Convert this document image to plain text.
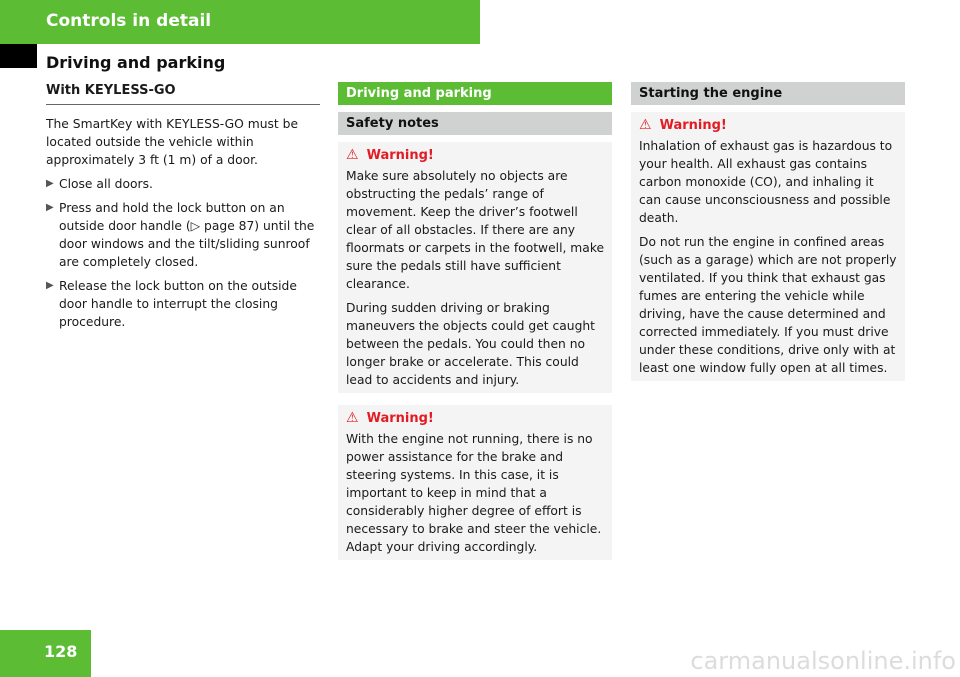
Controls in detail
Driving and parking
With KEYLESS-GO

The SmartKey with KEYLESS-GO must be located outside the vehicle within approximately 3 ft (1 m) of a door.

▶ Close all doors.
▶ Press and hold the lock button on an outside door handle (▷ page 87) until the door windows and the tilt/sliding sunroof are completely closed.
▶ Release the lock button on the outside door handle to interrupt the closing procedure.
Driving and parking
Safety notes
⚠ Warning!

Make sure absolutely no objects are obstructing the pedals’ range of movement. Keep the driver’s footwell clear of all obstacles. If there are any floormats or carpets in the footwell, make sure the pedals still have sufficient clearance.

During sudden driving or braking maneuvers the objects could get caught between the pedals. You could then no longer brake or accelerate. This could lead to accidents and injury.

⚠ Warning!

With the engine not running, there is no power assistance for the brake and steering systems. In this case, it is important to keep in mind that a considerably higher degree of effort is necessary to brake and steer the vehicle. Adapt your driving accordingly.

Starting the engine
⚠ Warning!

Inhalation of exhaust gas is hazardous to your health. All exhaust gas contains carbon monoxide (CO), and inhaling it can cause unconsciousness and possible death.

Do not run the engine in confined areas (such as a garage) which are not properly ventilated. If you think that exhaust gas fumes are entering the vehicle while driving, have the cause determined and corrected immediately. If you must drive under these conditions, drive only with at least one window fully open at all times.

128	carmanualsonline.info
